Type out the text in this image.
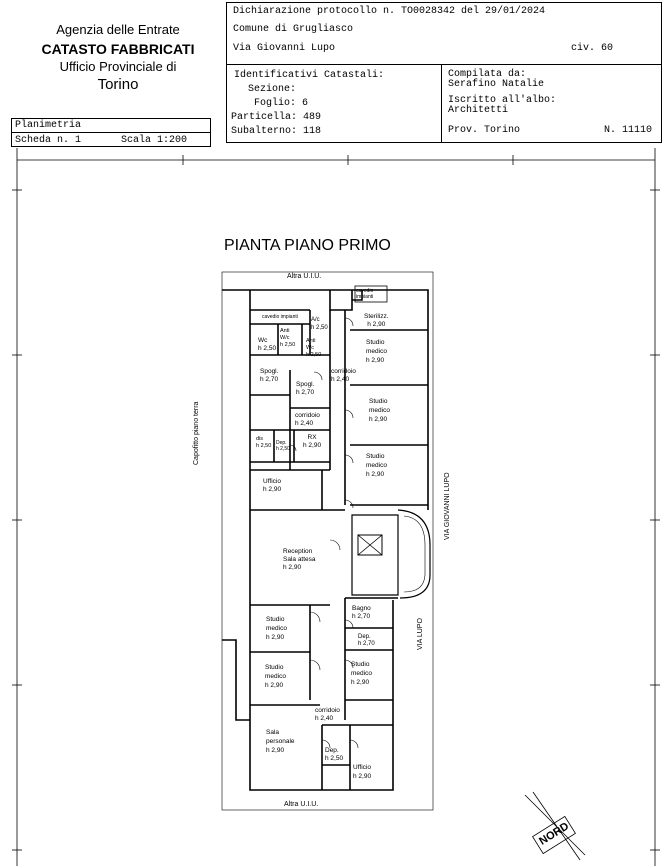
Agenzia delle Entrate
CATASTO FABBRICATI
Ufficio Provinciale di
Torino
Dichiarazione protocollo n. TO0028342 del 29/01/2024
Comune di Grugliasco
Via Giovanni Lupo	civ. 60
Identificativi Catastali:
Sezione:
Foglio: 6
Particella: 489
Subalterno: 118
Compilata da:
Serafino Natalie
Iscritto all'albo:
Architetti
Prov. Torino	N. 11110
Planimetria
Scheda n. 1	Scala 1:200
PIANTA PIANO PRIMO
Altra U.I.U.
Altra U.I.U.
Capofitto piano terra
VIA GIOVANNI LUPO
VIA LUPO
NORD
cavedio
impianti
cavedio impianti	Sterilizz.
h 2,90
A/c
h 2,50
Anti
W/c
h 2,50
Wc
h 2,50
Anti
Wc
h 2,50
Studio
medico
h 2,90
Spogl.
h 2,70
Spogl.
h 2,70
corridoio
h 2,40
Studio
medico
h 2,90
corridoio
h 2,40
dis
h 2,50 Dep.
h 2,50
RX
h 2,90
Studio
medico
h 2,90
Ufficio
h 2,90
Reception
Sala attesa
h 2,90
Bagno
h 2,70
Dep.
h 2,70
Studio
medico
h 2,90
Studio
medico
h 2,90
Studio
medico
h 2,90
corridoio
h 2,40
Sala
personale
h 2,90	Dep.
h 2,50
Ufficio
h 2,90
